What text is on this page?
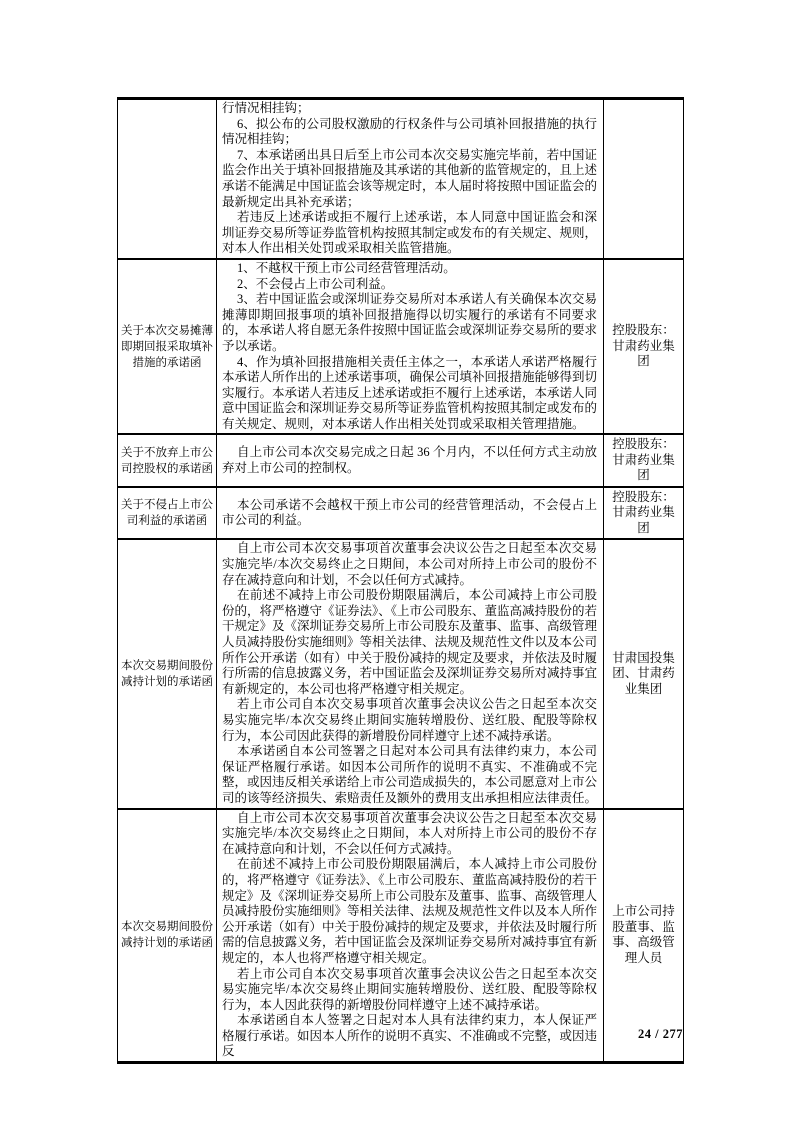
	行情况相挂钩；

6、拟公布的公司股权激励的行权条件与公司填补回报措施的执行情况相挂钩；

7、本承诺函出具日后至上市公司本次交易实施完毕前，若中国证监会作出关于填补回报措施及其承诺的其他新的监管规定的，且上述承诺不能满足中国证监会该等规定时，本人届时将按照中国证监会的最新规定出具补充承诺；

若违反上述承诺或拒不履行上述承诺，本人同意中国证监会和深圳证券交易所等证券监管机构按照其制定或发布的有关规定、规则，对本人作出相关处罚或采取相关监管措施。	

关于本次交易摊薄即期回报采取填补措施的承诺函	1、不越权干预上市公司经营管理活动。

2、不会侵占上市公司利益。

3、若中国证监会或深圳证券交易所对本承诺人有关确保本次交易摊薄即期回报事项的填补回报措施得以切实履行的承诺有不同要求的，本承诺人将自愿无条件按照中国证监会或深圳证券交易所的要求予以承诺。

4、作为填补回报措施相关责任主体之一，本承诺人承诺严格履行本承诺人所作出的上述承诺事项，确保公司填补回报措施能够得到切实履行。本承诺人若违反上述承诺或拒不履行上述承诺，本承诺人同意中国证监会和深圳证券交易所等证券监管机构按照其制定或发布的有关规定、规则，对本承诺人作出相关处罚或采取相关管理措施。	控股股东：甘肃药业集团
关于不放弃上市公司控股权的承诺函	自上市公司本次交易完成之日起 36 个月内，不以任何方式主动放弃对上市公司的控制权。	控股股东：甘肃药业集团
关于不侵占上市公司利益的承诺函	本公司承诺不会越权干预上市公司的经营管理活动，不会侵占上市公司的利益。	控股股东：甘肃药业集团
本次交易期间股份减持计划的承诺函	自上市公司本次交易事项首次董事会决议公告之日起至本次交易实施完毕/本次交易终止之日期间，本公司对所持上市公司的股份不存在减持意向和计划，不会以任何方式减持。

在前述不减持上市公司股份期限届满后，本公司减持上市公司股份的，将严格遵守《证券法》、《上市公司股东、董监高减持股份的若干规定》及《深圳证券交易所上市公司股东及董事、监事、高级管理人员减持股份实施细则》等相关法律、法规及规范性文件以及本公司所作公开承诺（如有）中关于股份减持的规定及要求，并依法及时履行所需的信息披露义务，若中国证监会及深圳证券交易所对减持事宜有新规定的，本公司也将严格遵守相关规定。

若上市公司自本次交易事项首次董事会决议公告之日起至本次交易实施完毕/本次交易终止期间实施转增股份、送红股、配股等除权行为，本公司因此获得的新增股份同样遵守上述不减持承诺。

本承诺函自本公司签署之日起对本公司具有法律约束力，本公司保证严格履行承诺。如因本公司所作的说明不真实、不准确或不完整，或因违反相关承诺给上市公司造成损失的，本公司愿意对上市公司的该等经济损失、索赔责任及额外的费用支出承担相应法律责任。	甘肃国投集团、甘肃药业集团
本次交易期间股份减持计划的承诺函	自上市公司本次交易事项首次董事会决议公告之日起至本次交易实施完毕/本次交易终止之日期间，本人对所持上市公司的股份不存在减持意向和计划，不会以任何方式减持。

在前述不减持上市公司股份期限届满后，本人减持上市公司股份的，将严格遵守《证券法》、《上市公司股东、董监高减持股份的若干规定》及《深圳证券交易所上市公司股东及董事、监事、高级管理人员减持股份实施细则》等相关法律、法规及规范性文件以及本人所作公开承诺（如有）中关于股份减持的规定及要求，并依法及时履行所需的信息披露义务，若中国证监会及深圳证券交易所对减持事宜有新规定的，本人也将严格遵守相关规定。

若上市公司自本次交易事项首次董事会决议公告之日起至本次交易实施完毕/本次交易终止期间实施转增股份、送红股、配股等除权行为，本人因此获得的新增股份同样遵守上述不减持承诺。

本承诺函自本人签署之日起对本人具有法律约束力，本人保证严格履行承诺。如因本人所作的说明不真实、不准确或不完整，或因违反	上市公司持股董事、监事、高级管理人员
24 / 277
